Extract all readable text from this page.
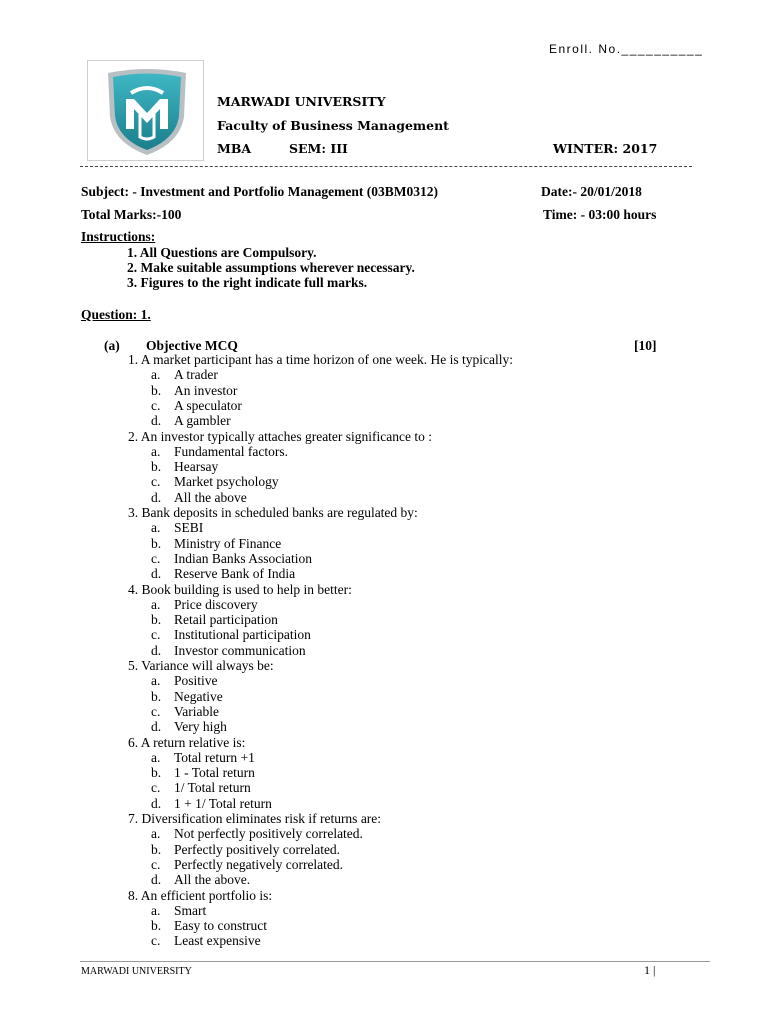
Enroll. No.__________
MARWADI UNIVERSITY
Faculty of Business Management
MBA	SEM: III	WINTER: 2017
Subject: - Investment and Portfolio Management (03BM0312)	Date:- 20/01/2018
Total Marks:-100	Time: - 03:00 hours
Instructions:
1. All Questions are Compulsory.
2. Make suitable assumptions wherever necessary.
3. Figures to the right indicate full marks.
Question: 1.
(a) Objective MCQ	[10]
1. A market participant has a time horizon of one week. He is typically:
a. A trader
b. An investor
c. A speculator
d. A gambler
2. An investor typically attaches greater significance to :
a. Fundamental factors.
b. Hearsay
c. Market psychology
d. All the above
3. Bank deposits in scheduled banks are regulated by:
a. SEBI
b. Ministry of Finance
c. Indian Banks Association
d. Reserve Bank of India
4. Book building is used to help in better:
a. Price discovery
b. Retail participation
c. Institutional participation
d. Investor communication
5. Variance will always be:
a. Positive
b. Negative
c. Variable
d. Very high
6. A return relative is:
a. Total return +1
b. 1 - Total return
c. 1/ Total return
d. 1 + 1/ Total return
7. Diversification eliminates risk if returns are:
a. Not perfectly positively correlated.
b. Perfectly positively correlated.
c. Perfectly negatively correlated.
d. All the above.
8. An efficient portfolio is:
a. Smart
b. Easy to construct
c. Least expensive
MARWADI UNIVERSITY	1 |
